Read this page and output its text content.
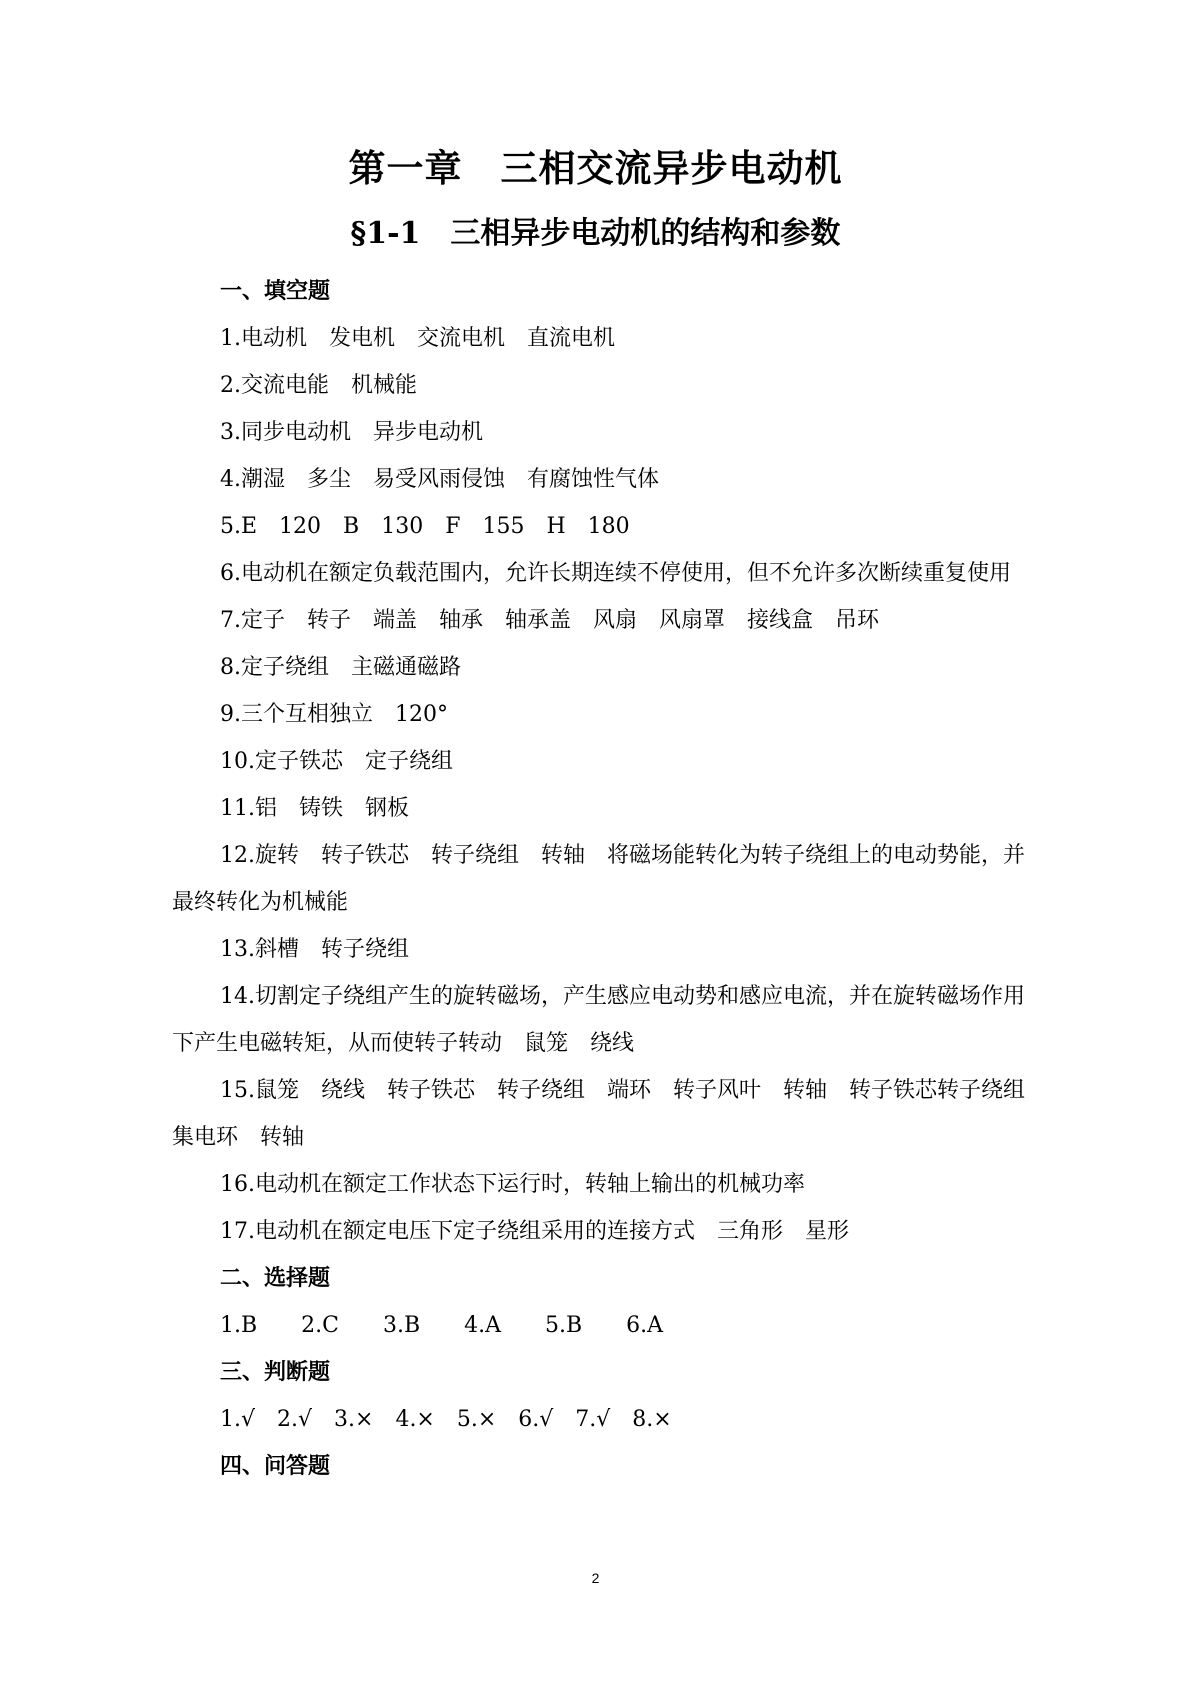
第一章　三相交流异步电动机
§1-1　三相异步电动机的结构和参数

一、填空题

1.电动机　发电机　交流电机　直流电机

2.交流电能　机械能

3.同步电动机　异步电动机

4.潮湿　多尘　易受风雨侵蚀　有腐蚀性气体

5.E　120　B　130　F　155　H　180

6.电动机在额定负载范围内，允许长期连续不停使用，但不允许多次断续重复使用

7.定子　转子　端盖　轴承　轴承盖　风扇　风扇罩　接线盒　吊环

8.定子绕组　主磁通磁路

9.三个互相独立　120°

10.定子铁芯　定子绕组

11.铝　铸铁　钢板

12.旋转　转子铁芯　转子绕组　转轴　将磁场能转化为转子绕组上的电动势能，并最终转化为机械能

13.斜槽　转子绕组

14.切割定子绕组产生的旋转磁场，产生感应电动势和感应电流，并在旋转磁场作用下产生电磁转矩，从而使转子转动　鼠笼　绕线

15.鼠笼　绕线　转子铁芯　转子绕组　端环　转子风叶　转轴　转子铁芯转子绕组　集电环　转轴

16.电动机在额定工作状态下运行时，转轴上输出的机械功率

17.电动机在额定电压下定子绕组采用的连接方式　三角形　星形

二、选择题

1.B　　2.C　　3.B　　4.A　　5.B　　6.A

三、判断题

1.√　2.√　3.×　4.×　5.×　6.√　7.√　8.×

四、问答题

2
